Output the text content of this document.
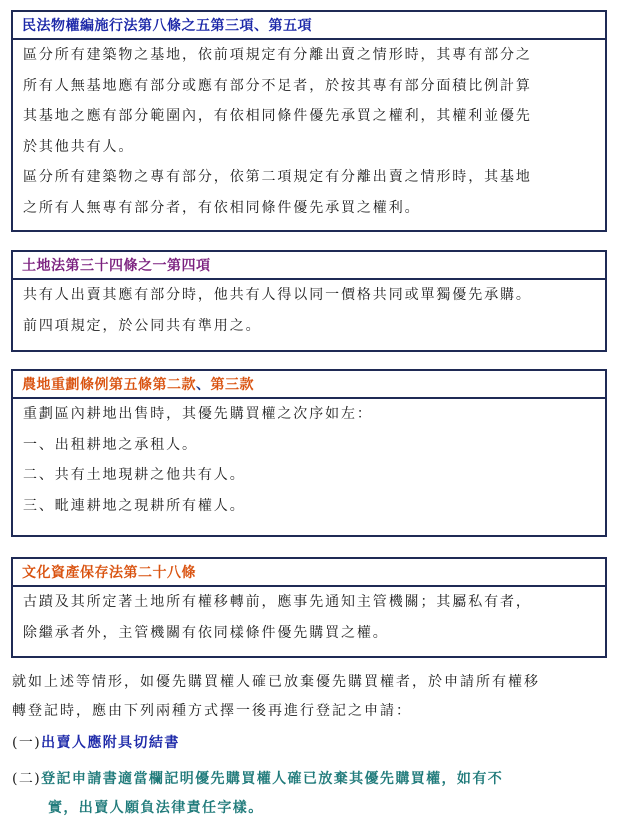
民法物權編施行法第八條之五第三項 、 第五項
區分所有建築物之基地，依前項規定有分離出賣之情形時，其專有部分之
所有人無基地應有部分或應有部分不足者，於按其專有部分面積比例計算
其基地之應有部分範圍內，有依相同條件優先承買之權利，其權利並優先
於其他共有人。
區分所有建築物之專有部分，依第二項規定有分離出賣之情形時，其基地
之所有人無專有部分者，有依相同條件優先承買之權利。
土地法第三十四條之一第四項
共有人出賣其應有部分時，他共有人得以同一價格共同或單獨優先承購。
前四項規定，於公同共有準用之。
農地重劃條例第五條第二款 、 第三款
重劃區內耕地出售時，其優先購買權之次序如左：
一、出租耕地之承租人。
二、共有土地現耕之他共有人。
三、毗連耕地之現耕所有權人。
文化資產保存法第二十八條
古蹟及其所定著土地所有權移轉前，應事先通知主管機關；其屬私有者，
除繼承者外，主管機關有依同樣條件優先購買之權。
就如上述等情形，如優先購買權人確已放棄優先購買權者，於申請所有權移
轉登記時，應由下列兩種方式擇一後再進行登記之申請：
(一)出賣人應附具切結書
(二)登記申請書適當欄記明優先購買權人確已放棄其優先購買權，如有不
實，出賣人願負法律責任字樣。
